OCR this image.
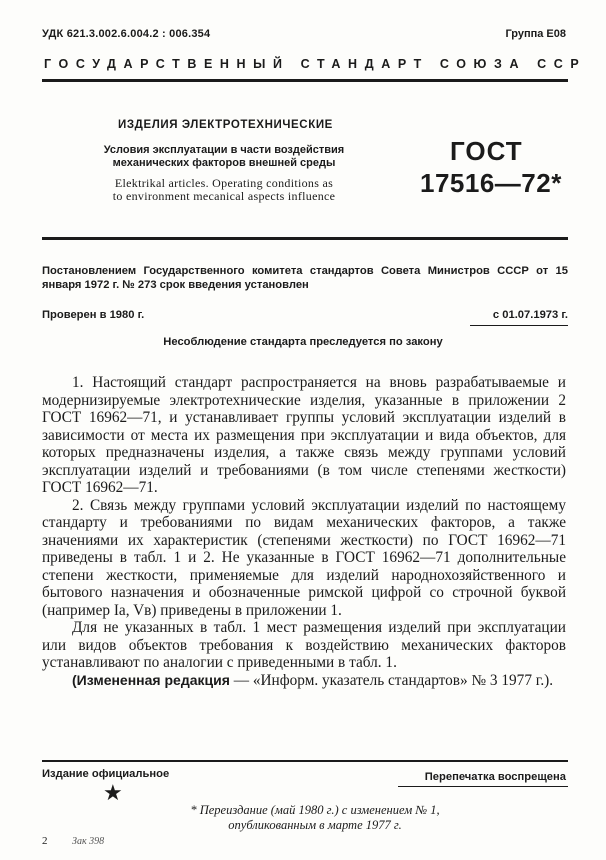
УДК 621.3.002.6.004.2 : 006.354	Группа Е08
ГОСУДАРСТВЕННЫЙ СТАНДАРТ СОЮЗА ССР
ИЗДЕЛИЯ ЭЛЕКТРОТЕХНИЧЕСКИЕ
Условия эксплуатации в части воздействия
механических факторов внешней среды
Elektrikal articles. Operating conditions as
to environment mecanical aspects influence
ГОСТ
17516—72*
Постановлением Государственного комитета стандартов Совета Министров СССР от 15 января 1972 г. № 273 срок введения установлен
Проверен в 1980 г.	с 01.07.1973 г.
Несоблюдение стандарта преследуется по закону

1. Настоящий стандарт распространяется на вновь разрабатываемые и модернизируемые электротехнические изделия, указанные в приложении 2 ГОСТ 16962—71, и устанавливает группы условий эксплуатации изделий в зависимости от места их размещения при эксплуатации и вида объектов, для которых предназначены изделия, а также связь между группами условий эксплуатации изделий и требованиями (в том числе степенями жесткости) ГОСТ 16962—71.

2. Связь между группами условий эксплуатации изделий по настоящему стандарту и требованиями по видам механических факторов, а также значениями их характеристик (степенями жесткости) по ГОСТ 16962—71 приведены в табл. 1 и 2. Не указанные в ГОСТ 16962—71 дополнительные степени жесткости, применяемые для изделий народнохозяйственного и бытового назначения и обозначенные римской цифрой со строчной буквой (например Ia, Vв) приведены в приложении 1.

Для не указанных в табл. 1 мест размещения изделий при эксплуатации или видов объектов требования к воздействию механических факторов устанавливают по аналогии с приведенными в табл. 1.

(Измененная редакция — «Информ. указатель стандартов» № 3 1977 г.).

Издание официальное	Перепечатка воспрещена
★
* Переиздание (май 1980 г.) с изменением № 1,
опубликованным в марте 1977 г.
2 Зак 398
